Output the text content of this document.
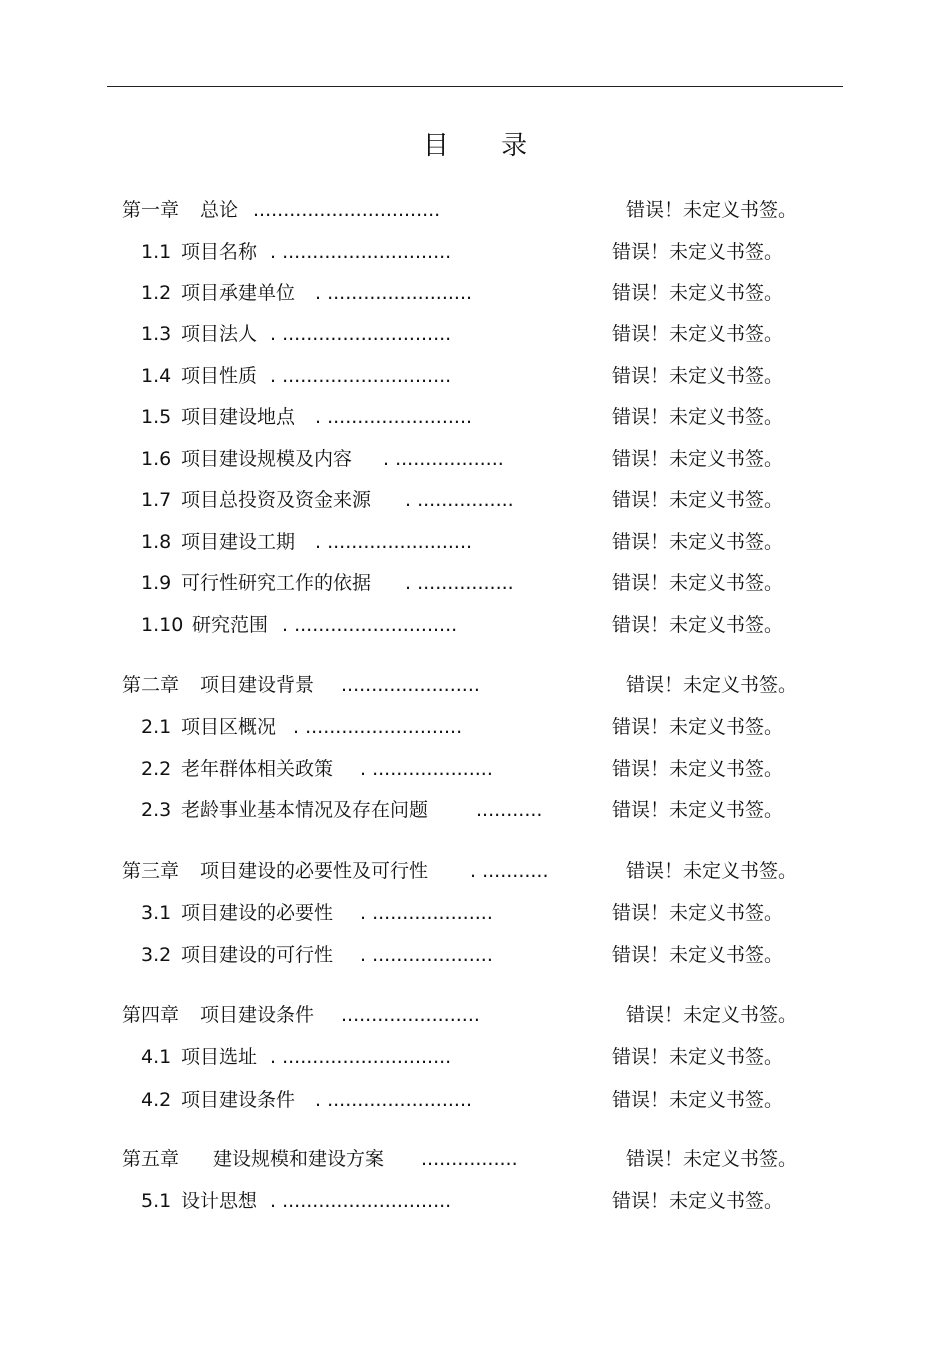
目 录
第一章 总论 ...............................	错误！未定义书签。
1.1 项目名称 . ............................	错误！未定义书签。
1.2 项目承建单位 . ........................	错误！未定义书签。
1.3 项目法人 . ............................	错误！未定义书签。
1.4 项目性质 . ............................	错误！未定义书签。
1.5 项目建设地点 . ........................	错误！未定义书签。
1.6 项目建设规模及内容 . ..................	错误！未定义书签。
1.7 项目总投资及资金来源 . ................	错误！未定义书签。
1.8 项目建设工期 . ........................	错误！未定义书签。
1.9 可行性研究工作的依据 . ................	错误！未定义书签。
1.10 研究范围 . ...........................	错误！未定义书签。
第二章 项目建设背景 .......................	错误！未定义书签。
2.1 项目区概况 . ..........................	错误！未定义书签。
2.2 老年群体相关政策 . ....................	错误！未定义书签。
2.3 老龄事业基本情况及存在问题	...........	错误！未定义书签。
第三章 项目建设的必要性及可行性 . ...........	错误！未定义书签。
3.1 项目建设的必要性 . ....................	错误！未定义书签。
3.2 项目建设的可行性 . ....................	错误！未定义书签。
第四章 项目建设条件 .......................	错误！未定义书签。
4.1 项目选址 . ............................	错误！未定义书签。
4.2 项目建设条件 . ........................	错误！未定义书签。
第五章 建设规模和建设方案 ................	错误！未定义书签。
5.1 设计思想 . ............................	错误！未定义书签。
